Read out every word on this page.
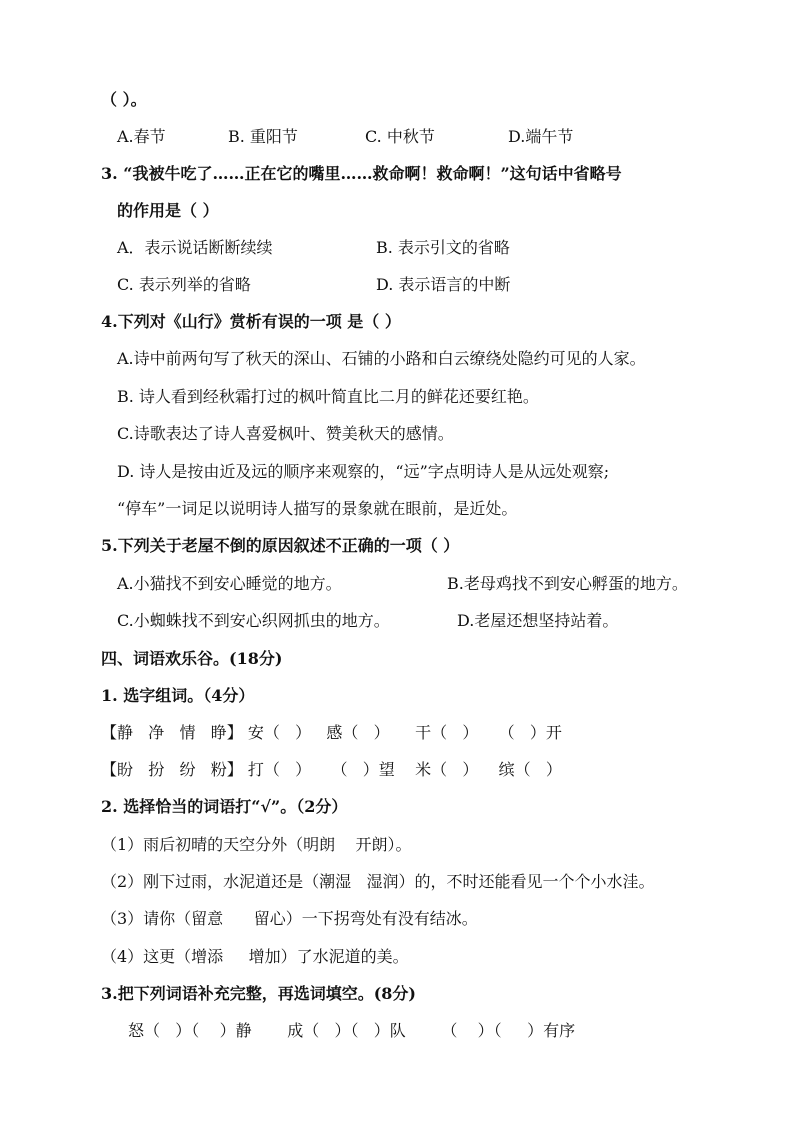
（ ）。
A.春节	B. 重阳节	C. 中秋节	D.端午节
3. “我被牛吃了……正在它的嘴里……救命啊！救命啊！”这句话中省略号
的作用是（ ）
A．表示说话断断续续	B. 表示引文的省略
C. 表示列举的省略	D. 表示语言的中断
4.下列对《山行》赏析有误的一项 是（ ）
A.诗中前两句写了秋天的深山、石铺的小路和白云缭绕处隐约可见的人家。
B. 诗人看到经秋霜打过的枫叶简直比二月的鲜花还要红艳。
C.诗歌表达了诗人喜爱枫叶、赞美秋天的感情。
D. 诗人是按由近及远的顺序来观察的，“远”字点明诗人是从远处观察;
“停车”一词足以说明诗人描写的景象就在眼前，是近处。
5.下列关于老屋不倒的原因叙述不正确的一项（ ）
A.小猫找不到安心睡觉的地方。	B.老母鸡找不到安心孵蛋的地方。
C.小蜘蛛找不到安心织网抓虫的地方。	D.老屋还想坚持站着。
四、词语欢乐谷。(18分)
1. 选字组词。（4分）
【静   净   情   睁】 安（   ）   感（   ）     干（   ）    （   ）开
【盼   扮   纷   粉】 打（   ）    （   ）望    米（   ）    缤（   ）
2. 选择恰当的词语打“√”。（2分）
（1）雨后初晴的天空分外（明朗    开朗）。
（2）刚下过雨，水泥道还是（潮湿   湿润）的，不时还能看见一个个小水洼。
（3）请你（留意      留心）一下拐弯处有没有结冰。
（4）这更（增添     增加）了水泥道的美。
3.把下列词语补充完整，再选词填空。(8分)
怒（   ）（    ）静       成（   ）（   ）队       （    ）（     ）有序
